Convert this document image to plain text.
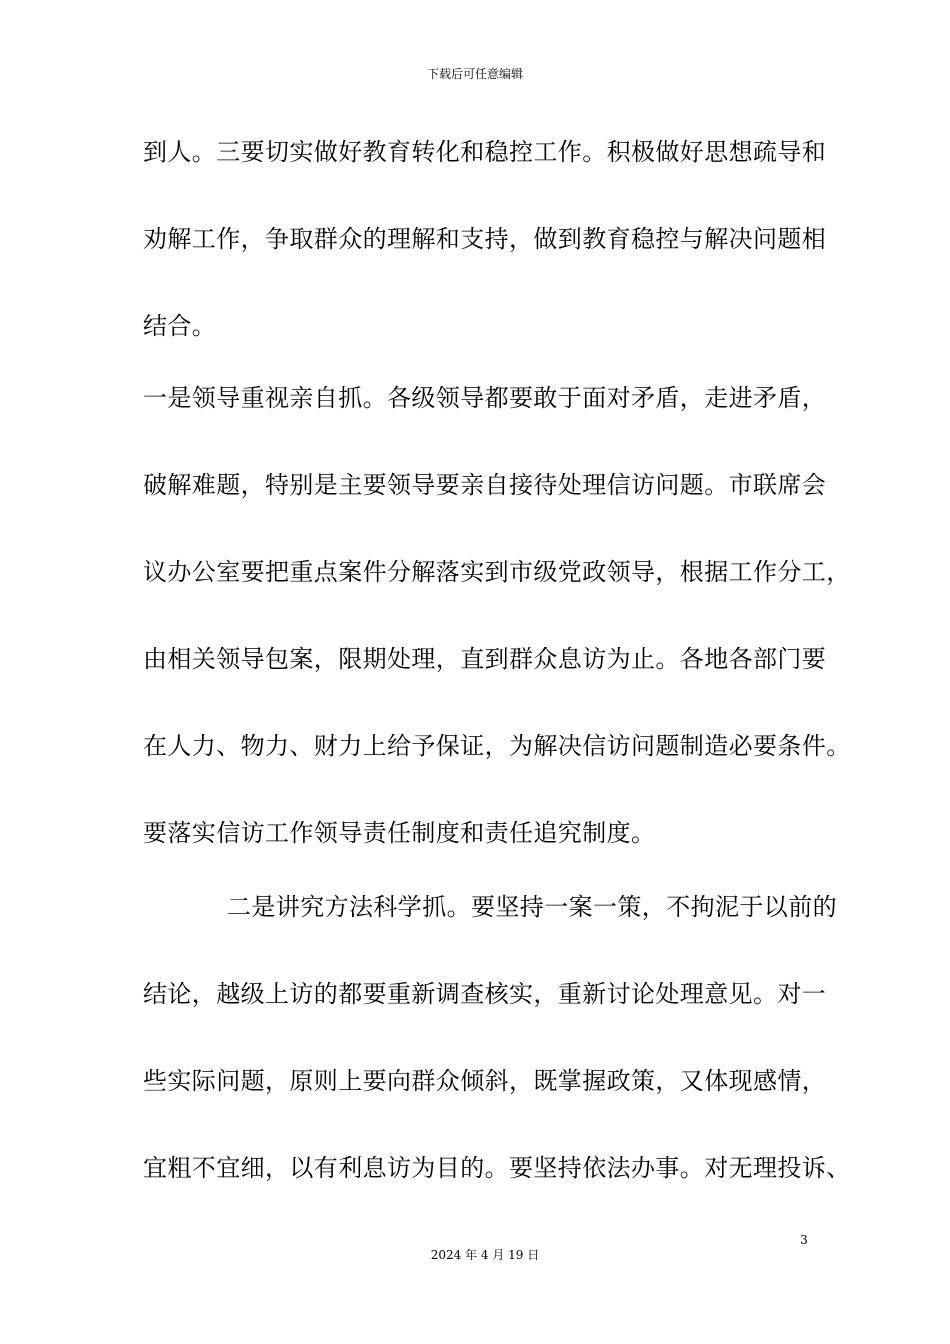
下载后可任意编辑
到人。三要切实做好教育转化和稳控工作。积极做好思想疏导和
劝解工作，争取群众的理解和支持，做到教育稳控与解决问题相
结合。
一是领导重视亲自抓。各级领导都要敢于面对矛盾，走进矛盾，
破解难题，特别是主要领导要亲自接待处理信访问题。市联席会
议办公室要把重点案件分解落实到市级党政领导，根据工作分工，
由相关领导包案，限期处理，直到群众息访为止。各地各部门要
在人力、物力、财力上给予保证，为解决信访问题制造必要条件。
要落实信访工作领导责任制度和责任追究制度。
二是讲究方法科学抓。要坚持一案一策，不拘泥于以前的
结论，越级上访的都要重新调查核实，重新讨论处理意见。对一
些实际问题，原则上要向群众倾斜，既掌握政策，又体现感情，
宜粗不宜细，以有利息访为目的。要坚持依法办事。对无理投诉、
3
2024 年 4 月 19 日
